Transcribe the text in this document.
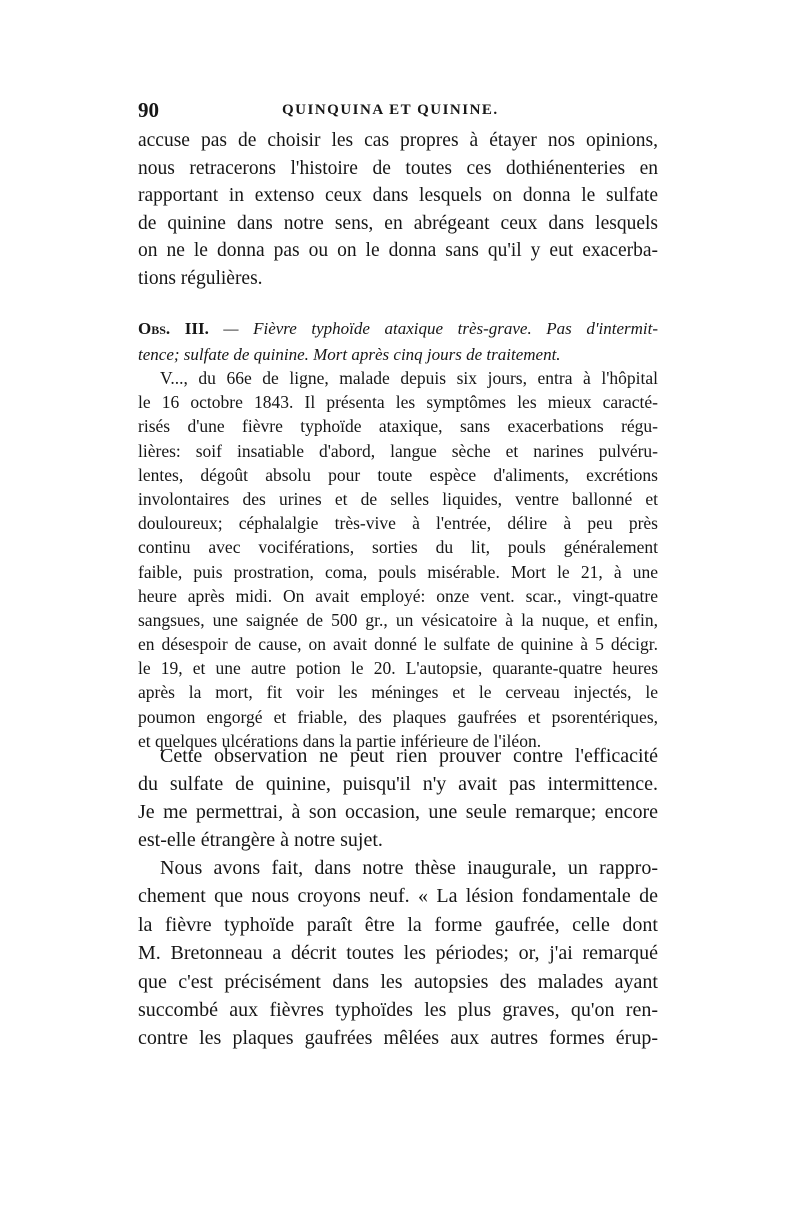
90	QUINQUINA ET QUININE.
accuse pas de choisir les cas propres à étayer nos opinions,
nous retracerons l'histoire de toutes ces dothiénenteries en
rapportant in extenso ceux dans lesquels on donna le sulfate
de quinine dans notre sens, en abrégeant ceux dans lesquels
on ne le donna pas ou on le donna sans qu'il y eut exacerba-
tions régulières.
Obs. III. — Fièvre typhoïde ataxique très-grave. Pas d'intermit-
tence; sulfate de quinine. Mort après cinq jours de traitement.
V..., du 66e de ligne, malade depuis six jours, entra à l'hôpital
le 16 octobre 1843. Il présenta les symptômes les mieux caracté-
risés d'une fièvre typhoïde ataxique, sans exacerbations régu-
lières: soif insatiable d'abord, langue sèche et narines pulvéru-
lentes, dégoût absolu pour toute espèce d'aliments, excrétions
involontaires des urines et de selles liquides, ventre ballonné et
douloureux; céphalalgie très-vive à l'entrée, délire à peu près
continu avec vociférations, sorties du lit, pouls généralement
faible, puis prostration, coma, pouls misérable. Mort le 21, à une
heure après midi. On avait employé: onze vent. scar., vingt-quatre
sangsues, une saignée de 500 gr., un vésicatoire à la nuque, et enfin,
en désespoir de cause, on avait donné le sulfate de quinine à 5 décigr.
le 19, et une autre potion le 20. L'autopsie, quarante-quatre heures
après la mort, fit voir les méninges et le cerveau injectés, le
poumon engorgé et friable, des plaques gaufrées et psorentériques,
et quelques ulcérations dans la partie inférieure de l'iléon.
Cette observation ne peut rien prouver contre l'efficacité
du sulfate de quinine, puisqu'il n'y avait pas intermittence.
Je me permettrai, à son occasion, une seule remarque; encore
est-elle étrangère à notre sujet.
Nous avons fait, dans notre thèse inaugurale, un rappro-
chement que nous croyons neuf. « La lésion fondamentale de
la fièvre typhoïde paraît être la forme gaufrée, celle dont
M. Bretonneau a décrit toutes les périodes; or, j'ai remarqué
que c'est précisément dans les autopsies des malades ayant
succombé aux fièvres typhoïdes les plus graves, qu'on ren-
contre les plaques gaufrées mêlées aux autres formes érup-
